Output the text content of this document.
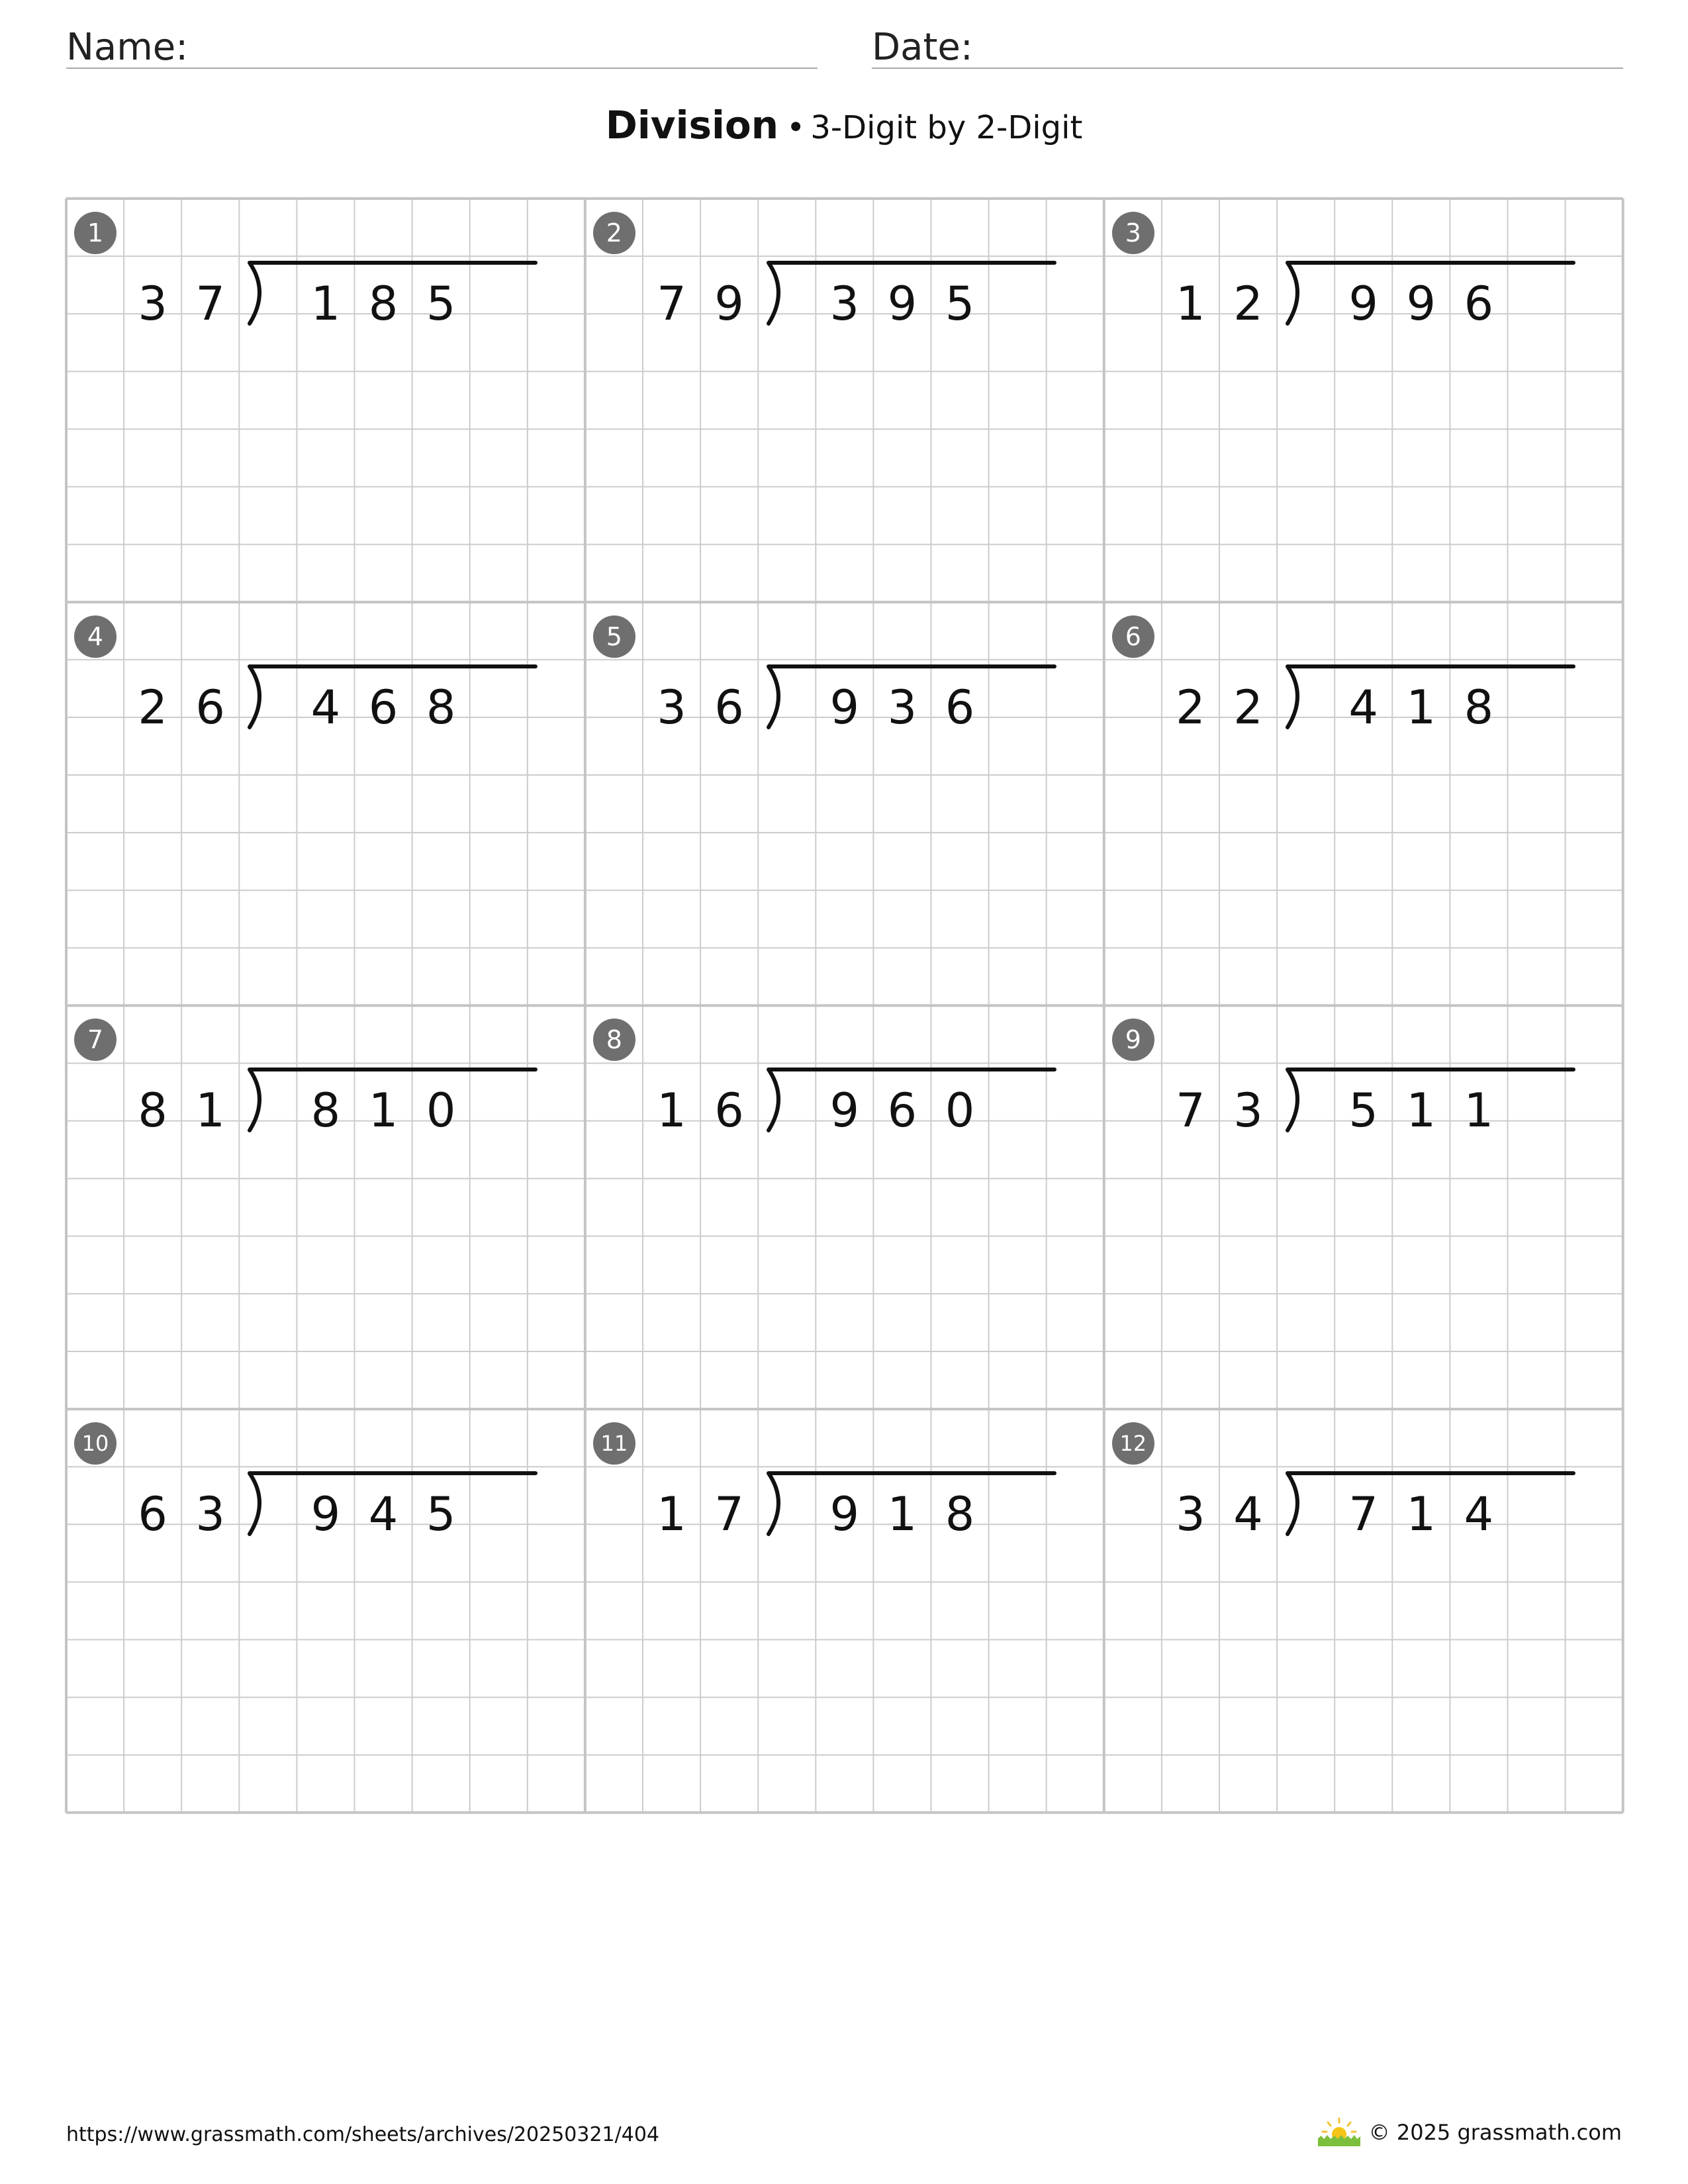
Name:	Date:
Division • 3-Digit by 2-Digit
1
3 7	1 8 5
2
7 9	3 9 5
3
1 2	9 9 6
4
2 6	4 6 8
5
3 6	9 3 6
6
2 2	4 1 8
7
8 1	8 1 0
8
1 6	9 6 0
9
7 3	5 1 1
10
6 3	9 4 5
11
1 7	9 1 8
12
3 4	7 1 4
https://www.grassmath.com/sheets/archives/20250321/404	© 2025 grassmath.com
